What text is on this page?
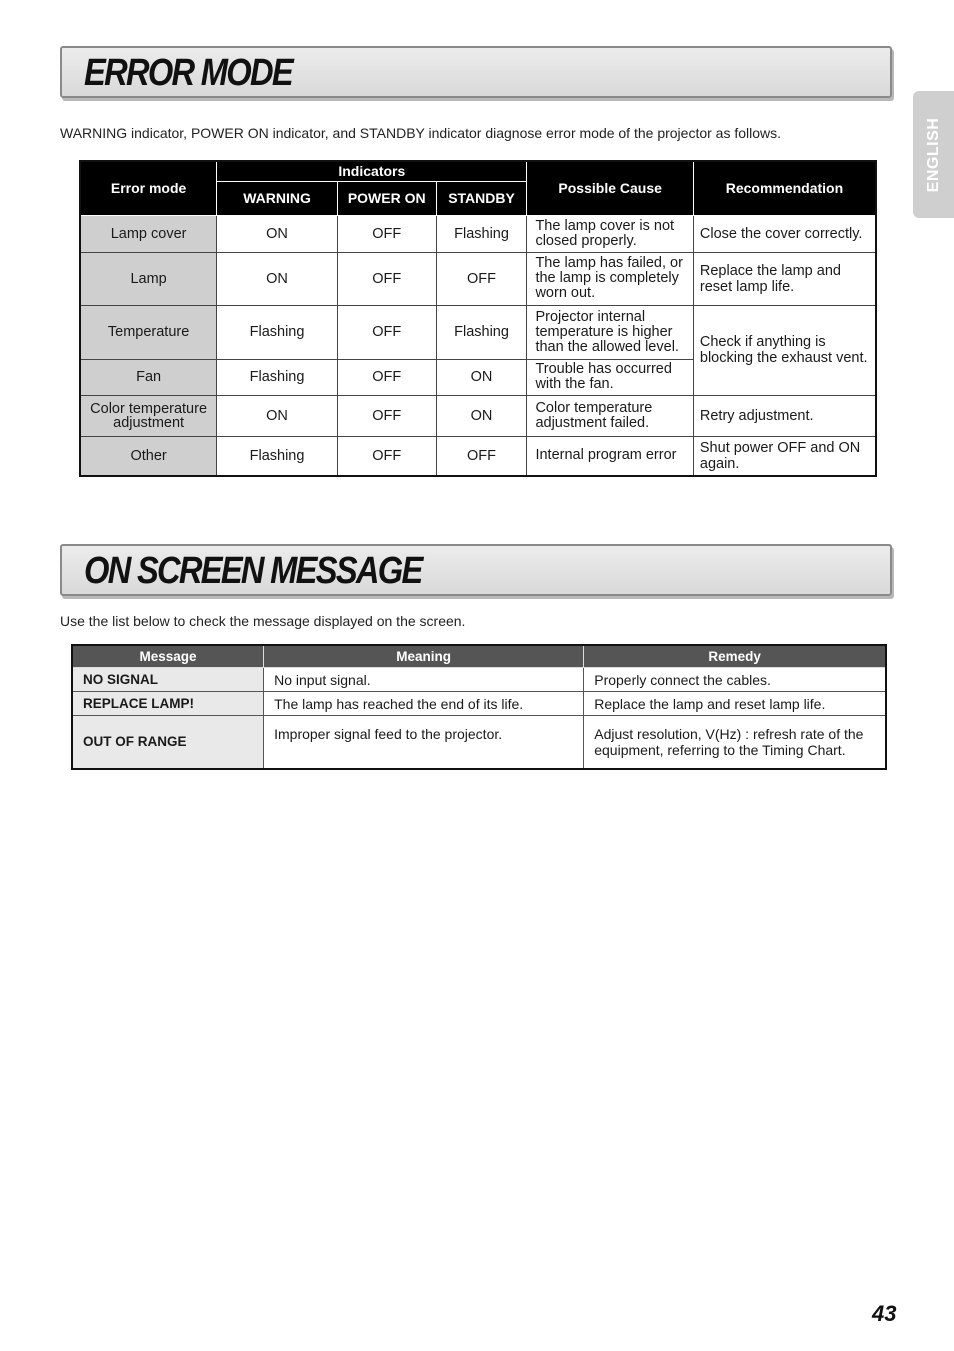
ERROR MODE
WARNING indicator, POWER ON indicator, and STANDBY indicator diagnose error mode of the projector as follows.
Error mode	Indicators			Possible Cause	Recommendation
	WARNING	POWER ON	STANDBY		
Lamp cover	ON	OFF	Flashing	The lamp cover is not closed properly.	Close the cover correctly.
Lamp	ON	OFF	OFF	The lamp has failed, or the lamp is completely worn out.	Replace the lamp and reset lamp life.
Temperature	Flashing	OFF	Flashing	Projector internal temperature is higher than the allowed level.	Check if anything is blocking the exhaust vent.
Fan	Flashing	OFF	ON	Trouble has occurred with the fan.	
Color temperature adjustment	ON	OFF	ON	Color temperature adjustment failed.	Retry adjustment.
Other	Flashing	OFF	OFF	Internal program error	Shut power OFF and ON again.
ON SCREEN MESSAGE
Use the list below to check the message displayed on the screen.
Message	Meaning	Remedy
NO SIGNAL	No input signal.	Properly connect the cables.
REPLACE LAMP!	The lamp has reached the end of its life.	Replace the lamp and reset lamp life.
OUT OF RANGE	Improper signal feed to the projector.	Adjust resolution, V(Hz) : refresh rate of the equipment, referring to the Timing Chart.
ENGLISH
43
